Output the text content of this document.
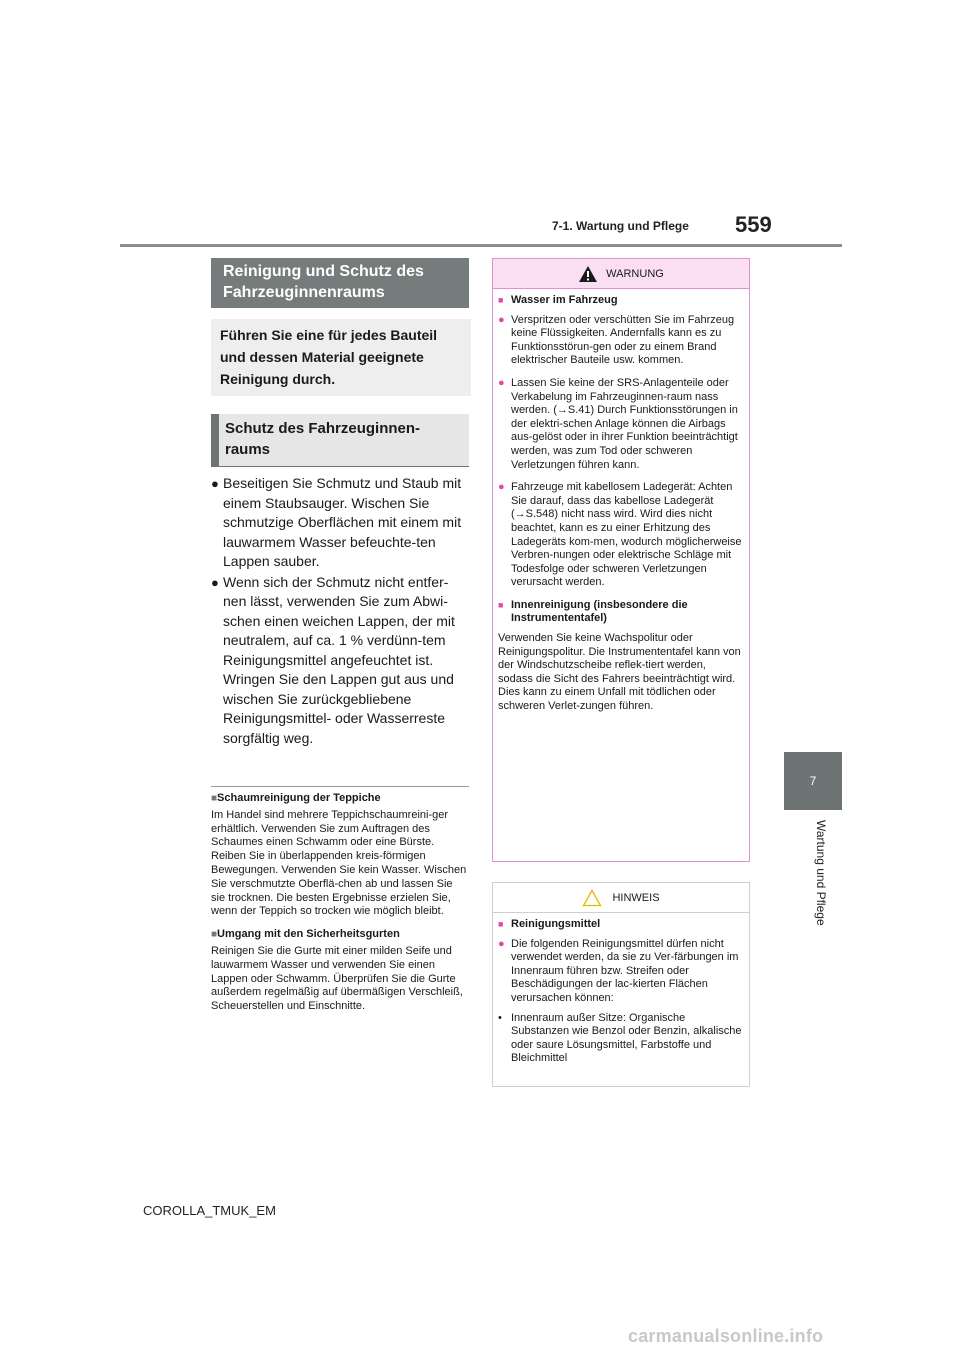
7-1. Wartung und Pflege 559
7
Wartung und Pflege
Reinigung und Schutz des
Fahrzeuginnenraums
Führen Sie eine für jedes Bauteil
und dessen Material geeignete
Reinigung durch.
Schutz des Fahrzeuginnen-
raums
● Beseitigen Sie Schmutz und Staub mit einem Staubsauger. Wischen Sie schmutzige Oberflächen mit einem mit lauwarmem Wasser befeuchte-ten Lappen sauber.
● Wenn sich der Schmutz nicht entfer-nen lässt, verwenden Sie zum Abwi-schen einen weichen Lappen, der mit neutralem, auf ca. 1 % verdünn-tem Reinigungsmittel angefeuchtet ist.
Wringen Sie den Lappen gut aus und wischen Sie zurückgebliebene Reinigungsmittel- oder Wasserreste sorgfältig weg.
■Schaumreinigung der Teppiche
Im Handel sind mehrere Teppichschaumreini-ger erhältlich. Verwenden Sie zum Auftragen des Schaumes einen Schwamm oder eine Bürste. Reiben Sie in überlappenden kreis-förmigen Bewegungen. Verwenden Sie kein Wasser. Wischen Sie verschmutzte Oberflä-chen ab und lassen Sie sie trocknen. Die besten Ergebnisse erzielen Sie, wenn der Teppich so trocken wie möglich bleibt.
■Umgang mit den Sicherheitsgurten
Reinigen Sie die Gurte mit einer milden Seife und lauwarmem Wasser und verwenden Sie einen Lappen oder Schwamm. Überprüfen Sie die Gurte außerdem regelmäßig auf übermäßigen Verschleiß, Scheuerstellen und Einschnitte.
COROLLA_TMUK_EM
WARNUNG
■ Wasser im Fahrzeug
● Verspritzen oder verschütten Sie im Fahrzeug keine Flüssigkeiten. Andernfalls kann es zu Funktionsstörun-gen oder zu einem Brand elektrischer Bauteile usw. kommen.
● Lassen Sie keine der SRS-Anlagenteile oder Verkabelung im Fahrzeuginnen-raum nass werden. (→S.41) Durch Funktionsstörungen in der elektri-schen Anlage können die Airbags aus-gelöst oder in ihrer Funktion beeinträchtigt werden, was zum Tod oder schweren Verletzungen führen kann.
● Fahrzeuge mit kabellosem Ladegerät: Achten Sie darauf, dass das kabellose Ladegerät (→S.548) nicht nass wird. Wird dies nicht beachtet, kann es zu einer Erhitzung des Ladegeräts kom-men, wodurch möglicherweise Verbren-nungen oder elektrische Schläge mit Todesfolge oder schweren Verletzungen verursacht werden.
■ Innenreinigung (insbesondere die Instrumententafel)
Verwenden Sie keine Wachspolitur oder Reinigungspolitur. Die Instrumententafel kann von der Windschutzscheibe reflek-tiert werden, sodass die Sicht des Fahrers beeinträchtigt wird. Dies kann zu einem Unfall mit tödlichen oder schweren Verlet-zungen führen.
HINWEIS
■ Reinigungsmittel
● Die folgenden Reinigungsmittel dürfen nicht verwendet werden, da sie zu Ver-färbungen im Innenraum führen bzw. Streifen oder Beschädigungen der lac-kierten Flächen verursachen können:
• Innenraum außer Sitze: Organische Substanzen wie Benzol oder Benzin, alkalische oder saure Lösungsmittel, Farbstoffe und Bleichmittel
carmanualsonline.info
